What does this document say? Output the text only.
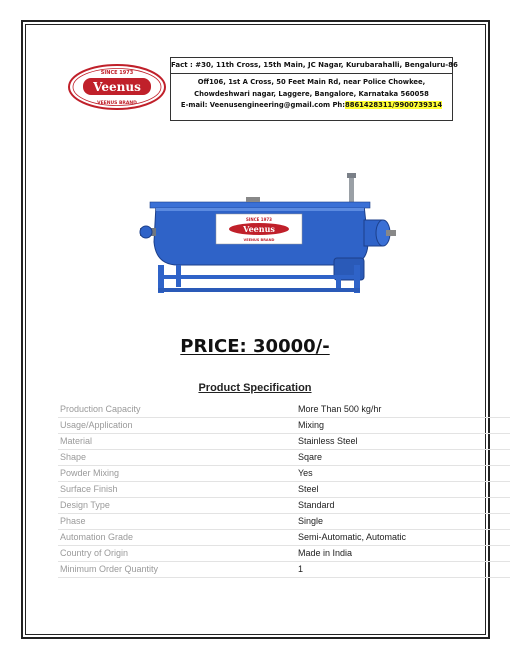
SINCE 1973
Veenus
VEENUS BRAND
Fact : #30, 11th Cross, 15th Main, JC Nagar, Kurubarahalli, Bengaluru-86
Off106, 1st A Cross, 50 Feet Main Rd, near Police Chowkee,
Chowdeshwari nagar, Laggere, Bangalore, Karnataka 560058
E-mail: Veenusengineering@gmail.com Ph:8861428311/9900739314
SINCE 1973
Veenus
VEENUS BRAND
PRICE: 30000/-
Product Specification
Production Capacity	More Than 500 kg/hr
Usage/Application	Mixing
Material	Stainless Steel
Shape	Sqare
Powder Mixing	Yes
Surface Finish	Steel
Design Type	Standard
Phase	Single
Automation Grade	Semi-Automatic, Automatic
Country of Origin	Made in India
Minimum Order Quantity	1
